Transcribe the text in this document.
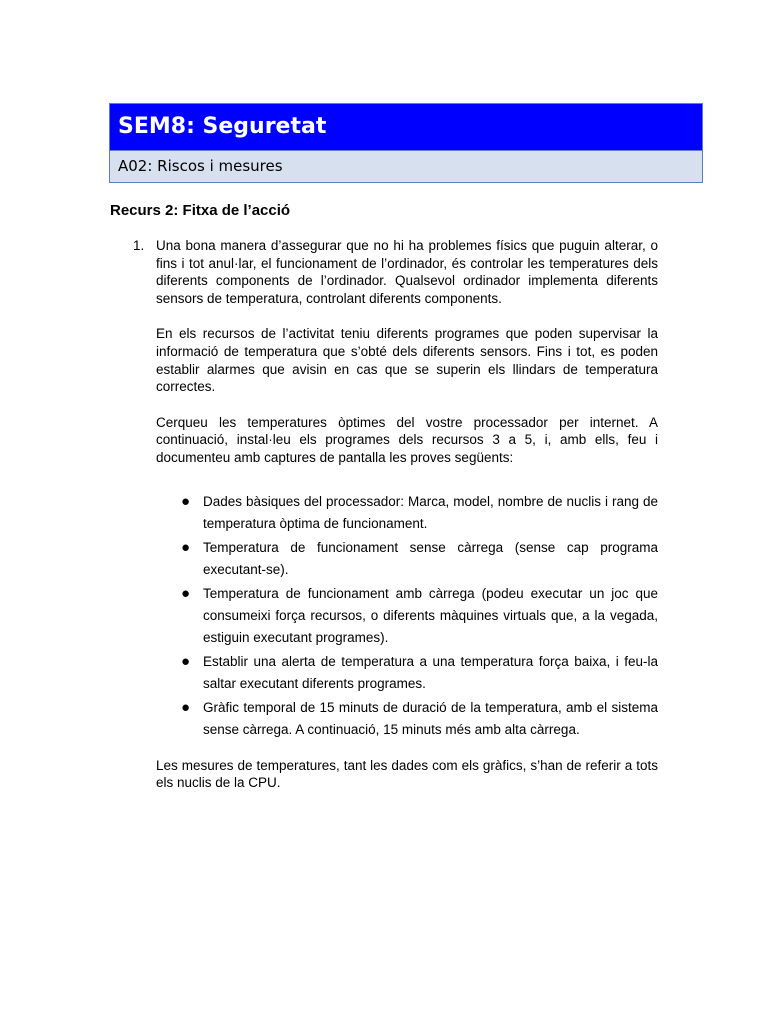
SEM8: Seguretat
A02: Riscos i mesures
Recurs 2: Fitxa de l’acció
1. Una bona manera d’assegurar que no hi ha problemes físics que puguin alterar, o fins i tot anul·lar, el funcionament de l’ordinador, és controlar les temperatures dels diferents components de l’ordinador. Qualsevol ordinador implementa diferents sensors de temperatura, controlant diferents components.

En els recursos de l’activitat teniu diferents programes que poden supervisar la informació de temperatura que s’obté dels diferents sensors. Fins i tot, es poden establir alarmes que avisin en cas que se superin els llindars de temperatura correctes.

Cerqueu les temperatures òptimes del vostre processador per internet. A continuació, instal·leu els programes dels recursos 3 a 5, i, amb ells, feu i documenteu amb captures de pantalla les proves següents:

● Dades bàsiques del processador: Marca, model, nombre de nuclis i rang de temperatura òptima de funcionament.
● Temperatura de funcionament sense càrrega (sense cap programa executant-se).
● Temperatura de funcionament amb càrrega (podeu executar un joc que consumeixi força recursos, o diferents màquines virtuals que, a la vegada, estiguin executant programes).
● Establir una alerta de temperatura a una temperatura força baixa, i feu-la saltar executant diferents programes.
● Gràfic temporal de 15 minuts de duració de la temperatura, amb el sistema sense càrrega. A continuació, 15 minuts més amb alta càrrega.

Les mesures de temperatures, tant les dades com els gràfics, s’han de referir a tots els nuclis de la CPU.
